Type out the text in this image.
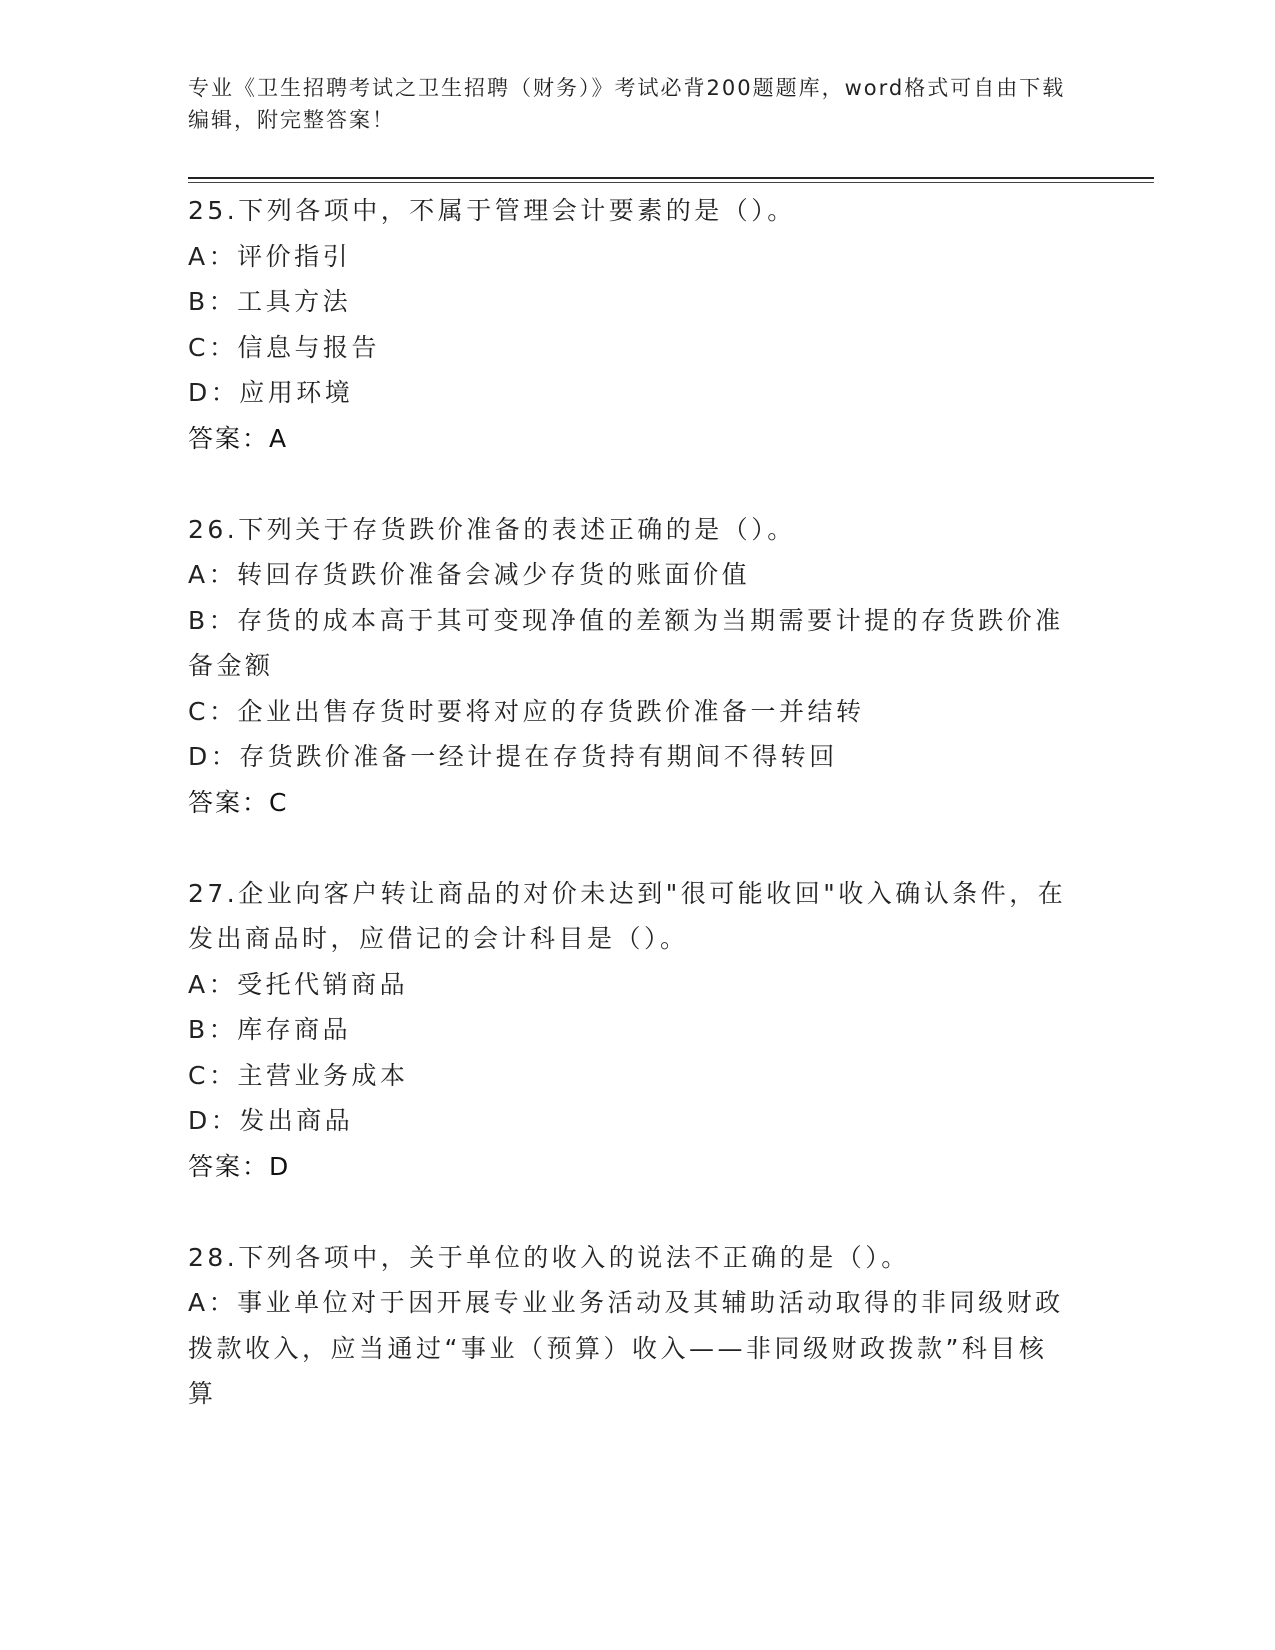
专业《卫生招聘考试之卫生招聘（财务）》考试必背200题题库，word格式可自由下载编辑，附完整答案！
25.下列各项中，不属于管理会计要素的是（）。
A：评价指引
B：工具方法
C：信息与报告
D：应用环境
答案：A
26.下列关于存货跌价准备的表述正确的是（）。
A：转回存货跌价准备会减少存货的账面价值
B：存货的成本高于其可变现净值的差额为当期需要计提的存货跌价准备金额
C：企业出售存货时要将对应的存货跌价准备一并结转
D：存货跌价准备一经计提在存货持有期间不得转回
答案：C
27.企业向客户转让商品的对价未达到"很可能收回"收入确认条件，在发出商品时，应借记的会计科目是（）。
A：受托代销商品
B：库存商品
C：主营业务成本
D：发出商品
答案：D
28.下列各项中，关于单位的收入的说法不正确的是（）。
A：事业单位对于因开展专业业务活动及其辅助活动取得的非同级财政拨款收入，应当通过“事业（预算）收入——非同级财政拨款”科目核算
